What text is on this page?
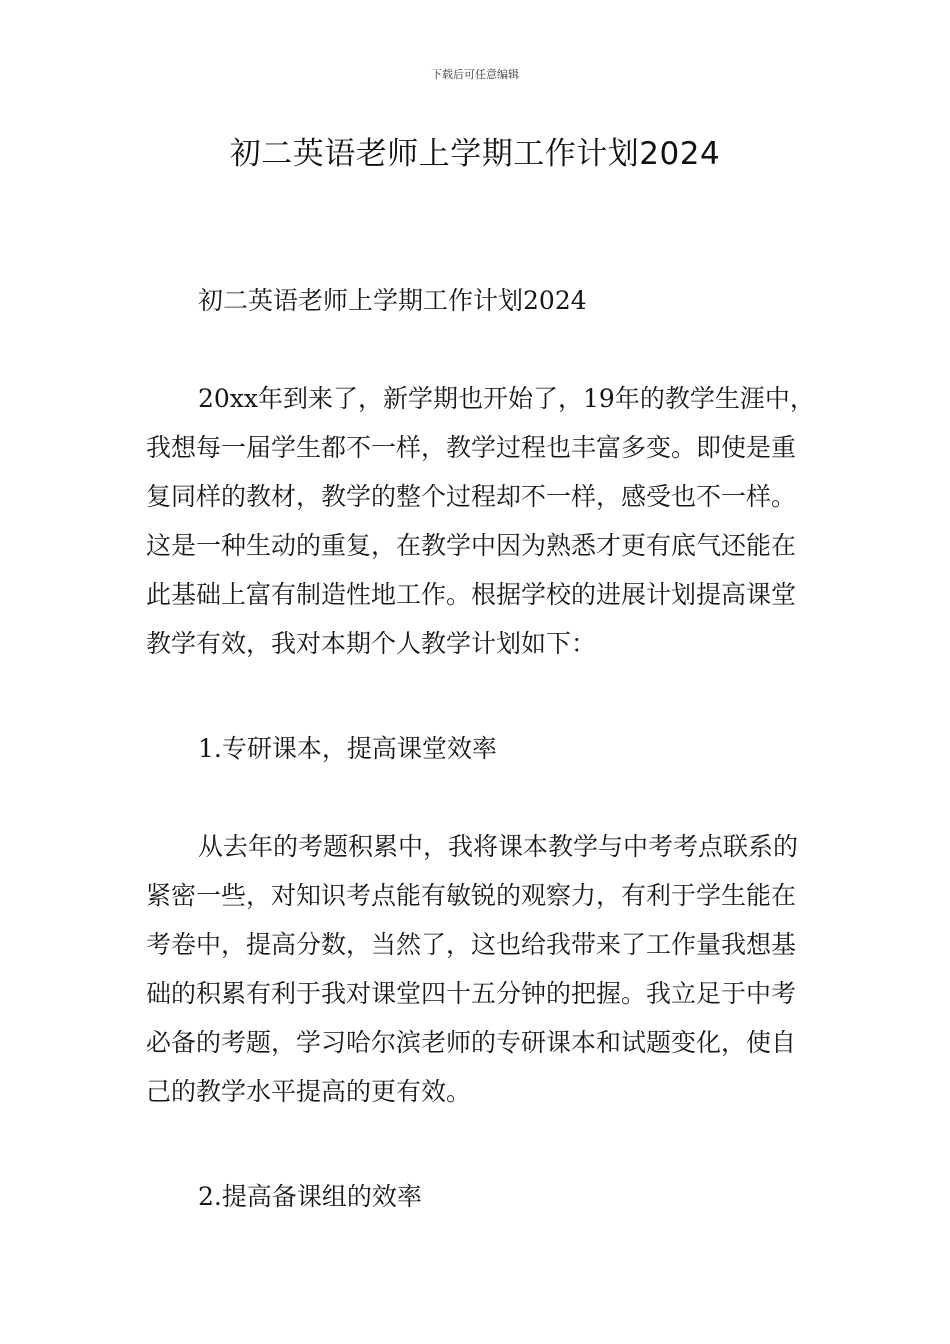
下载后可任意编辑
初二英语老师上学期工作计划2024

初二英语老师上学期工作计划2024

20xx年到来了，新学期也开始了，19年的教学生涯中，我想每一届学生都不一样，教学过程也丰富多变。即使是重复同样的教材，教学的整个过程却不一样，感受也不一样。这是一种生动的重复，在教学中因为熟悉才更有底气还能在此基础上富有制造性地工作。根据学校的进展计划提高课堂教学有效，我对本期个人教学计划如下：

1.专研课本，提高课堂效率

从去年的考题积累中，我将课本教学与中考考点联系的紧密一些，对知识考点能有敏锐的观察力，有利于学生能在考卷中，提高分数，当然了，这也给我带来了工作量我想基础的积累有利于我对课堂四十五分钟的把握。我立足于中考必备的考题，学习哈尔滨老师的专研课本和试题变化，使自己的教学水平提高的更有效。

2.提高备课组的效率
